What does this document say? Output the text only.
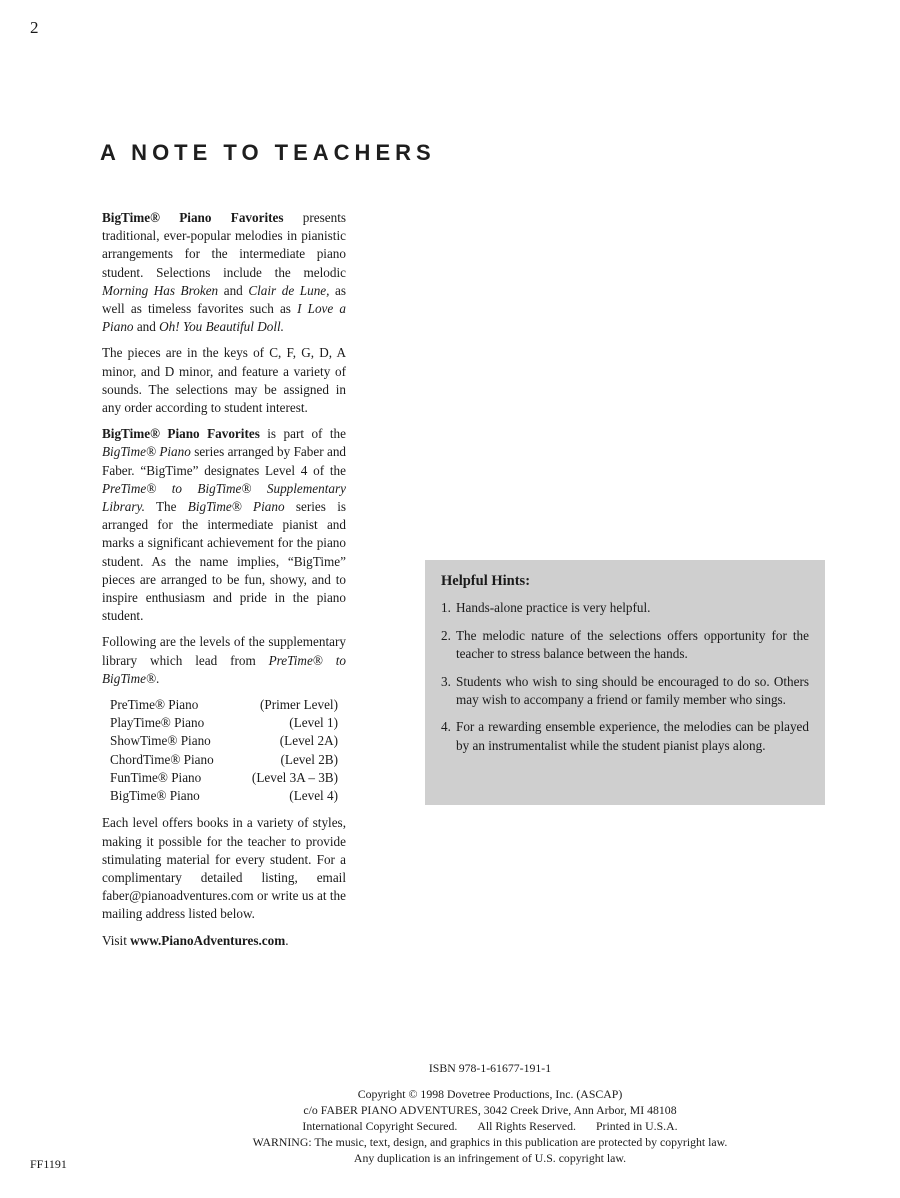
2
A NOTE TO TEACHERS

BigTime® Piano Favorites presents traditional, ever-popular melodies in pianistic arrangements for the intermediate piano student. Selections include the melodic Morning Has Broken and Clair de Lune, as well as timeless favorites such as I Love a Piano and Oh! You Beautiful Doll.

The pieces are in the keys of C, F, G, D, A minor, and D minor, and feature a variety of sounds. The selections may be assigned in any order according to student interest.

BigTime® Piano Favorites is part of the BigTime® Piano series arranged by Faber and Faber. “BigTime” designates Level 4 of the PreTime® to BigTime® Supplementary Library. The BigTime® Piano series is arranged for the intermediate pianist and marks a significant achievement for the piano student. As the name implies, “BigTime” pieces are arranged to be fun, showy, and to inspire enthusiasm and pride in the piano student.

Following are the levels of the supplementary library which lead from PreTime® to BigTime®.

PreTime® Piano	(Primer Level)
PlayTime® Piano	(Level 1)
ShowTime® Piano	(Level 2A)
ChordTime® Piano	(Level 2B)
FunTime® Piano	(Level 3A – 3B)
BigTime® Piano	(Level 4)

Each level offers books in a variety of styles, making it possible for the teacher to provide stimulating material for every student. For a complimentary detailed listing, email faber@pianoadventures.com or write us at the mailing address listed below.

Visit www.PianoAdventures.com.

Helpful Hints:
1. Hands-alone practice is very helpful.
2. The melodic nature of the selections offers opportunity for the teacher to stress balance between the hands.
3. Students who wish to sing should be encouraged to do so. Others may wish to accompany a friend or family member who sings.
4. For a rewarding ensemble experience, the melodies can be played by an instrumentalist while the student pianist plays along.
ISBN 978-1-61677-191-1
Copyright © 1998 Dovetree Productions, Inc. (ASCAP)
c/o FABER PIANO ADVENTURES, 3042 Creek Drive, Ann Arbor, MI 48108
International Copyright Secured. All Rights Reserved. Printed in U.S.A.
WARNING: The music, text, design, and graphics in this publication are protected by copyright law.
Any duplication is an infringement of U.S. copyright law.
FF1191
